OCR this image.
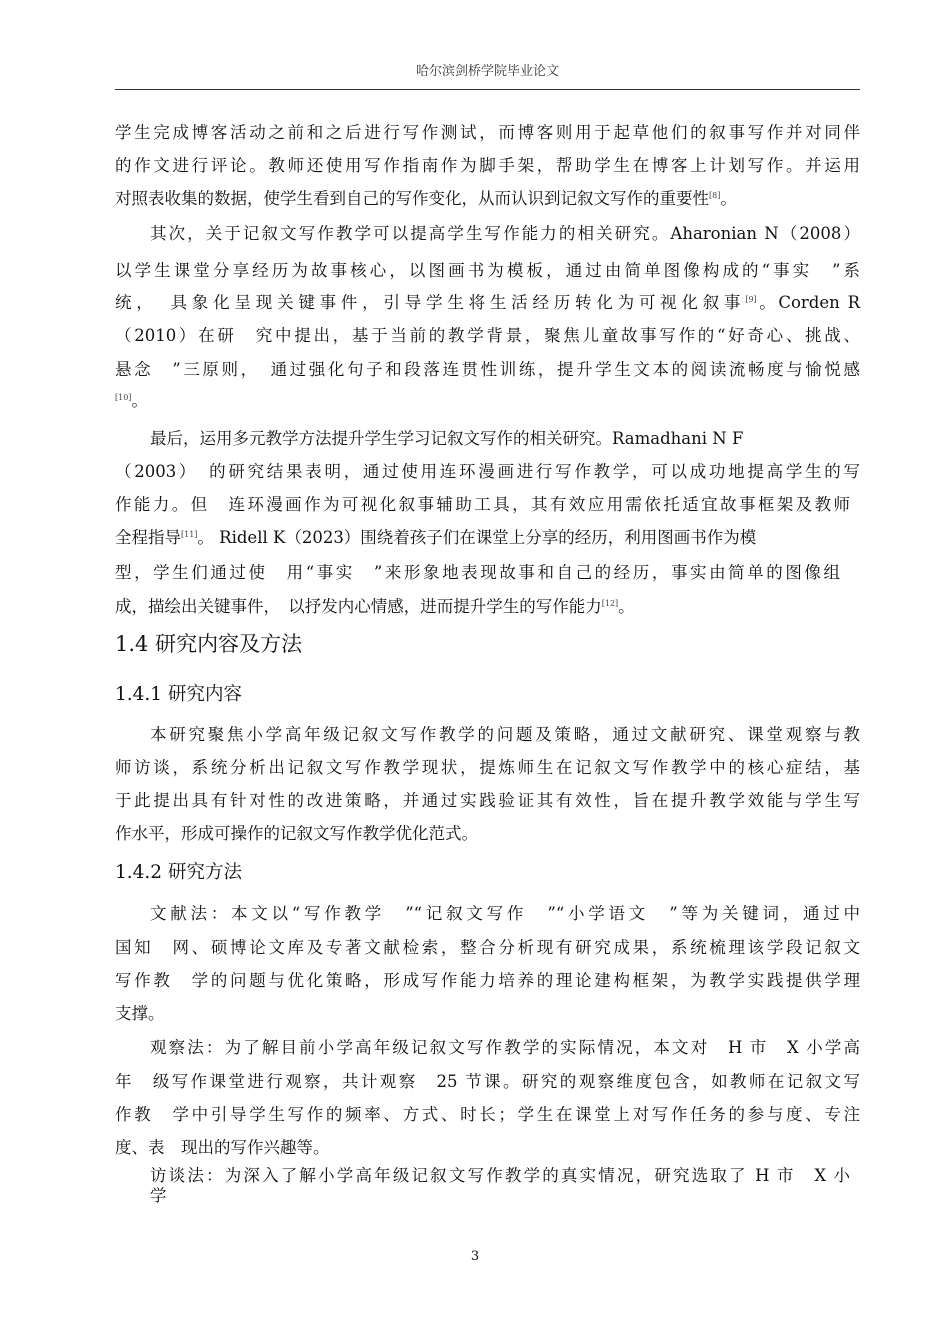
哈尔滨剑桥学院毕业论文
学生完成博客活动之前和之后进行写作测试，而博客则用于起草他们的叙事写作并对同伴
的作文进行评论。教师还使用写作指南作为脚手架，帮助学生在博客上计划写作。并运用
对照表收集的数据，使学生看到自己的写作变化，从而认识到记叙文写作的重要性[8]。
其次，关于记叙文写作教学可以提高学生写作能力的相关研究。Aharonian N（2008）
以学生课堂分享经历为故事核心，以图画书为模板，通过由简单图像构成的“事实　”系
统，　具象化呈现关键事件，引导学生将生活经历转化为可视化叙事[9]。Corden R
（2010）在研　究中提出，基于当前的教学背景，聚焦儿童故事写作的“好奇心、挑战、
悬念　”三原则，　通过强化句子和段落连贯性训练，提升学生文本的阅读流畅度与愉悦感
[10]。
最后，运用多元教学方法提升学生学习记叙文写作的相关研究。Ramadhani N F
（2003）　的研究结果表明，通过使用连环漫画进行写作教学，可以成功地提高学生的写
作能力。但　连环漫画作为可视化叙事辅助工具，其有效应用需依托适宜故事框架及教师
全程指导[11]。 Ridell K（2023）围绕着孩子们在课堂上分享的经历，利用图画书作为模
型，学生们通过使　用“事实　”来形象地表现故事和自己的经历，事实由简单的图像组
成，描绘出关键事件，　以抒发内心情感，进而提升学生的写作能力[12]。
1.4 研究内容及方法
1.4.1 研究内容
本研究聚焦小学高年级记叙文写作教学的问题及策略，通过文献研究、课堂观察与教
师访谈，系统分析出记叙文写作教学现状，提炼师生在记叙文写作教学中的核心症结，基
于此提出具有针对性的改进策略，并通过实践验证其有效性，旨在提升教学效能与学生写
作水平，形成可操作的记叙文写作教学优化范式。
1.4.2 研究方法
文献法：本文以“写作教学　”“记叙文写作　”“小学语文　”等为关键词，通过中
国知　网、硕博论文库及专著文献检索，整合分析现有研究成果，系统梳理该学段记叙文
写作教　学的问题与优化策略，形成写作能力培养的理论建构框架，为教学实践提供学理
支撑。
观察法：为了解目前小学高年级记叙文写作教学的实际情况，本文对　H 市　X 小学高
年　级写作课堂进行观察，共计观察　25 节课。研究的观察维度包含，如教师在记叙文写
作教　学中引导学生写作的频率、方式、时长；学生在课堂上对写作任务的参与度、专注
度、表　现出的写作兴趣等。
访谈法：为深入了解小学高年级记叙文写作教学的真实情况，研究选取了 H 市　X 小
学
3
